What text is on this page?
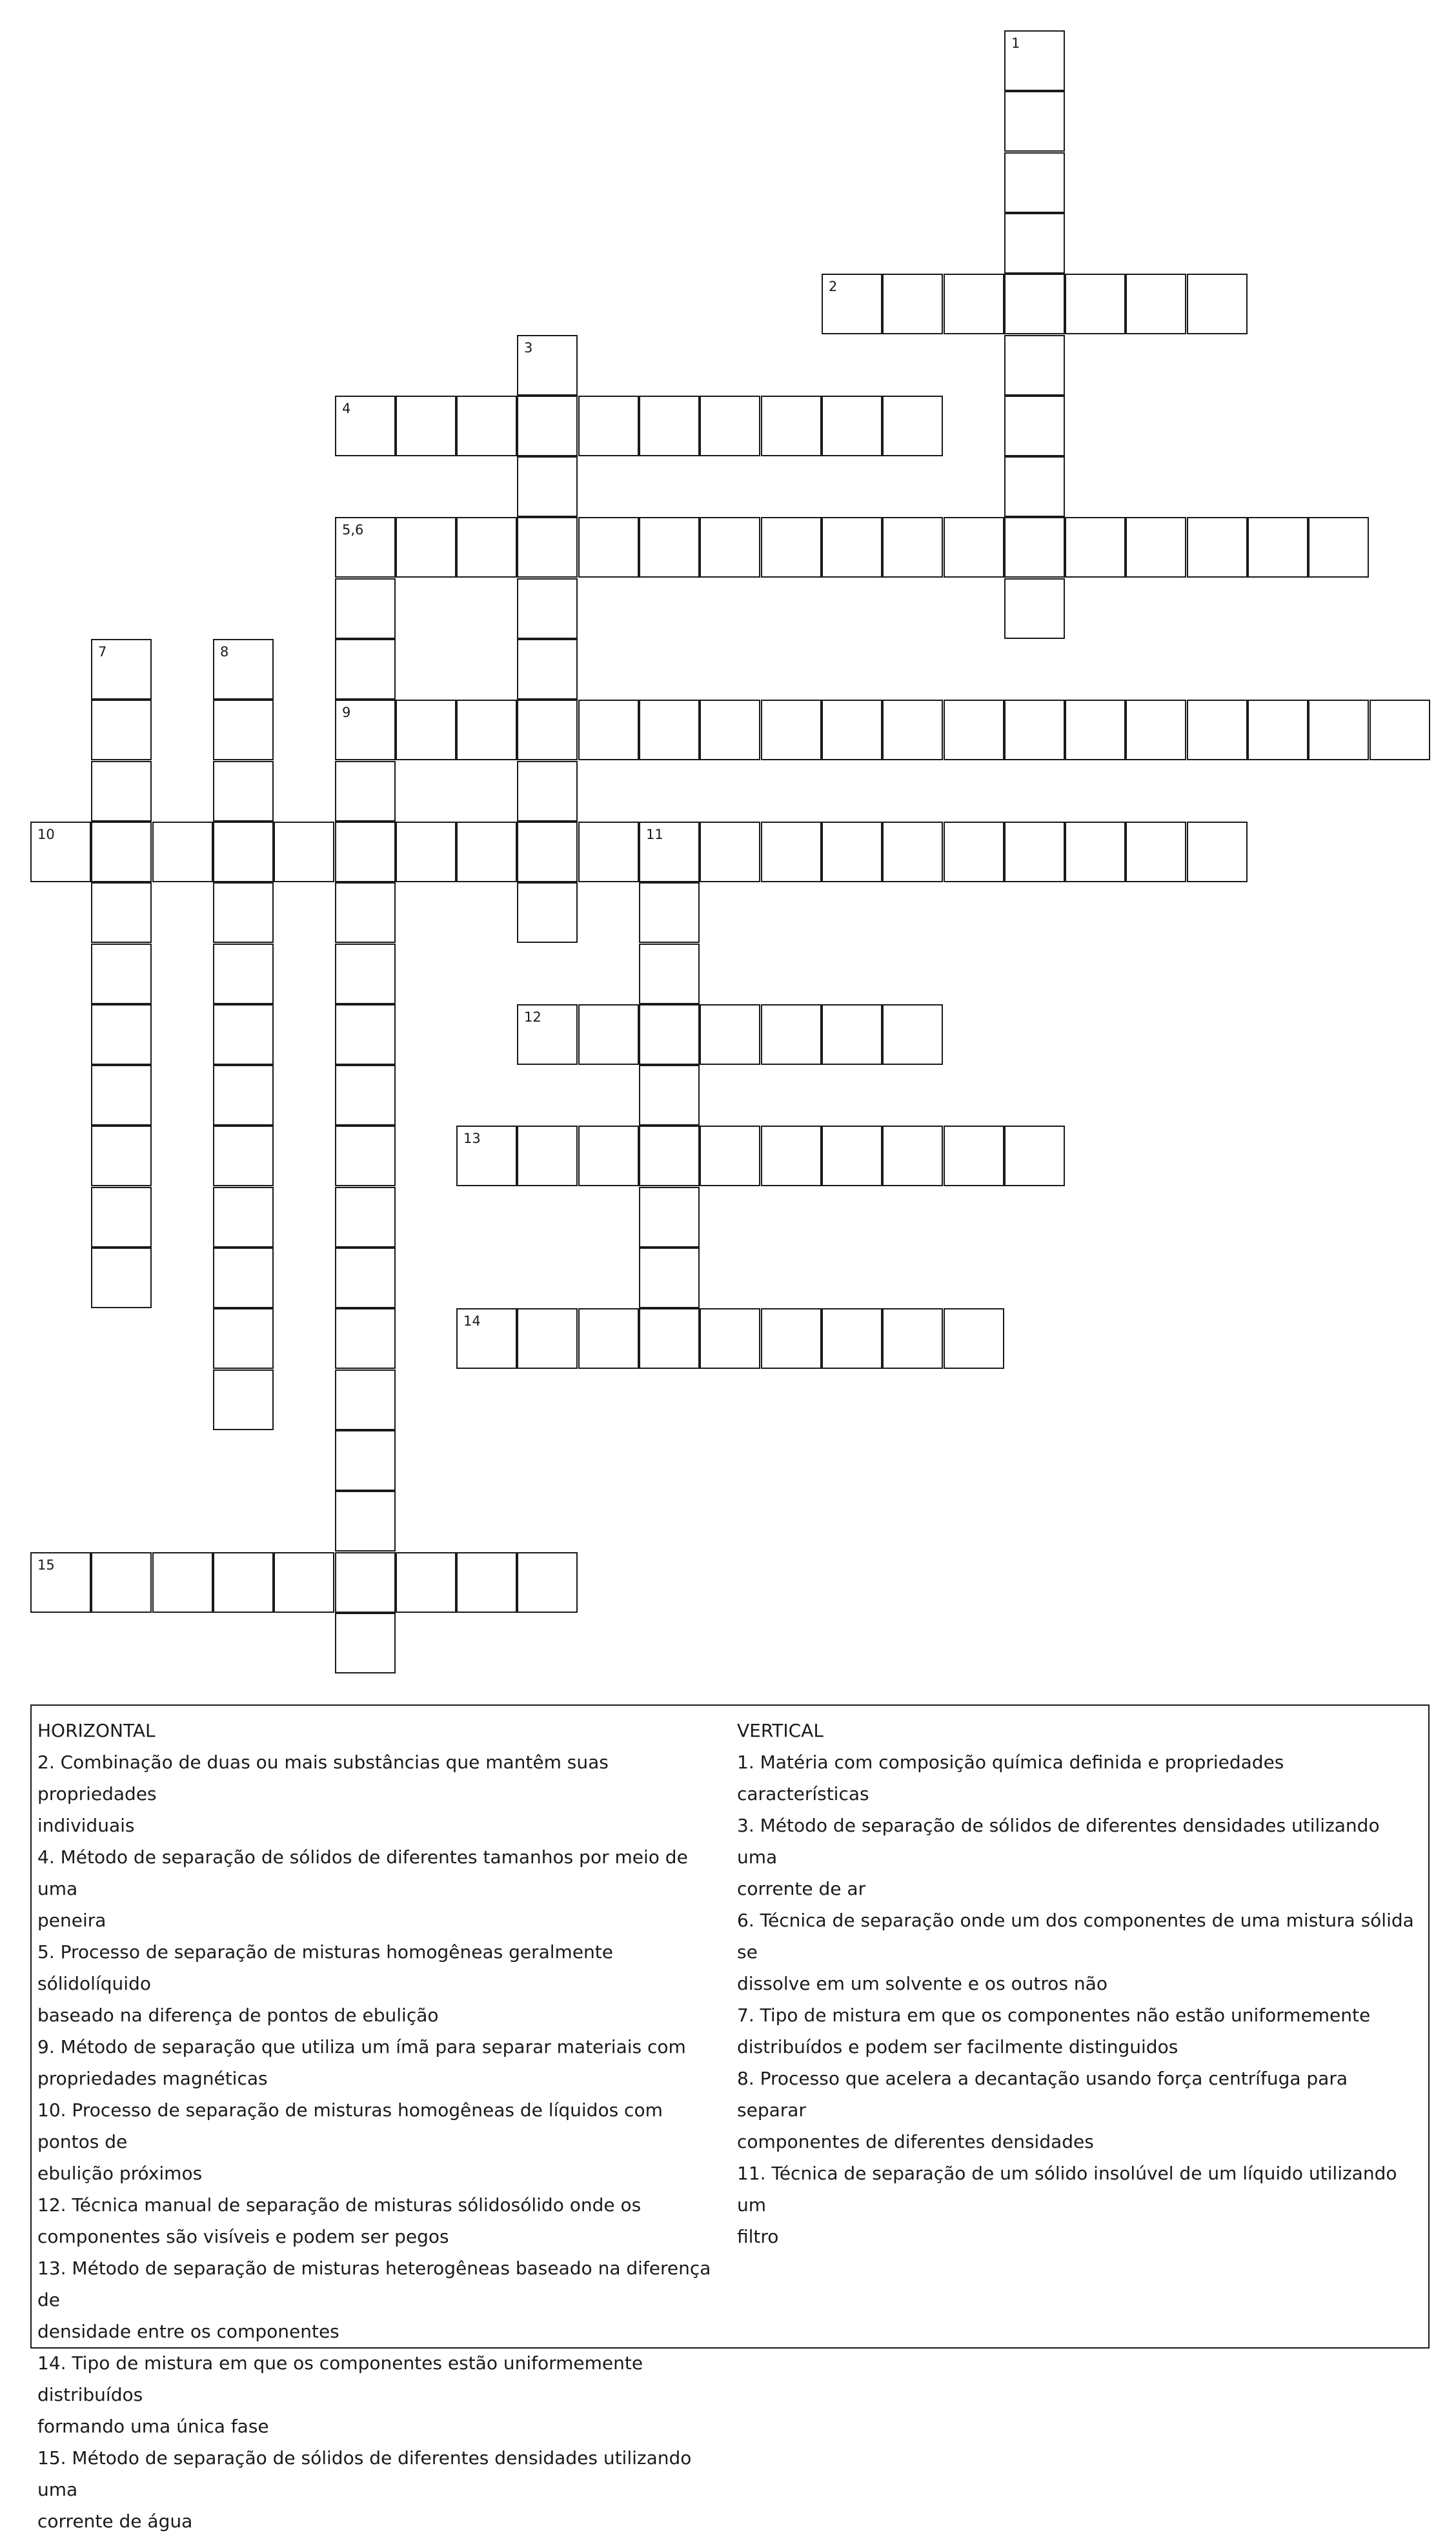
1
2
3
4
5,6
9
7	8
10	11
12
13
14
15

HORIZONTAL

2. Combinação de duas ou mais substâncias que mantêm suas propriedades

individuais

4. Método de separação de sólidos de diferentes tamanhos por meio de uma

peneira

5. Processo de separação de misturas homogêneas geralmente sólidolíquido

baseado na diferença de pontos de ebulição

9. Método de separação que utiliza um ímã para separar materiais com

propriedades magnéticas

10. Processo de separação de misturas homogêneas de líquidos com pontos de

ebulição próximos

12. Técnica manual de separação de misturas sólidosólido onde os

componentes são visíveis e podem ser pegos

13. Método de separação de misturas heterogêneas baseado na diferença de

densidade entre os componentes

14. Tipo de mistura em que os componentes estão uniformemente distribuídos

formando uma única fase

15. Método de separação de sólidos de diferentes densidades utilizando uma

corrente de água

VERTICAL

1. Matéria com composição química definida e propriedades características

3. Método de separação de sólidos de diferentes densidades utilizando uma

corrente de ar

6. Técnica de separação onde um dos componentes de uma mistura sólida se

dissolve em um solvente e os outros não

7. Tipo de mistura em que os componentes não estão uniformemente

distribuídos e podem ser facilmente distinguidos

8. Processo que acelera a decantação usando força centrífuga para separar

componentes de diferentes densidades

11. Técnica de separação de um sólido insolúvel de um líquido utilizando um

filtro
